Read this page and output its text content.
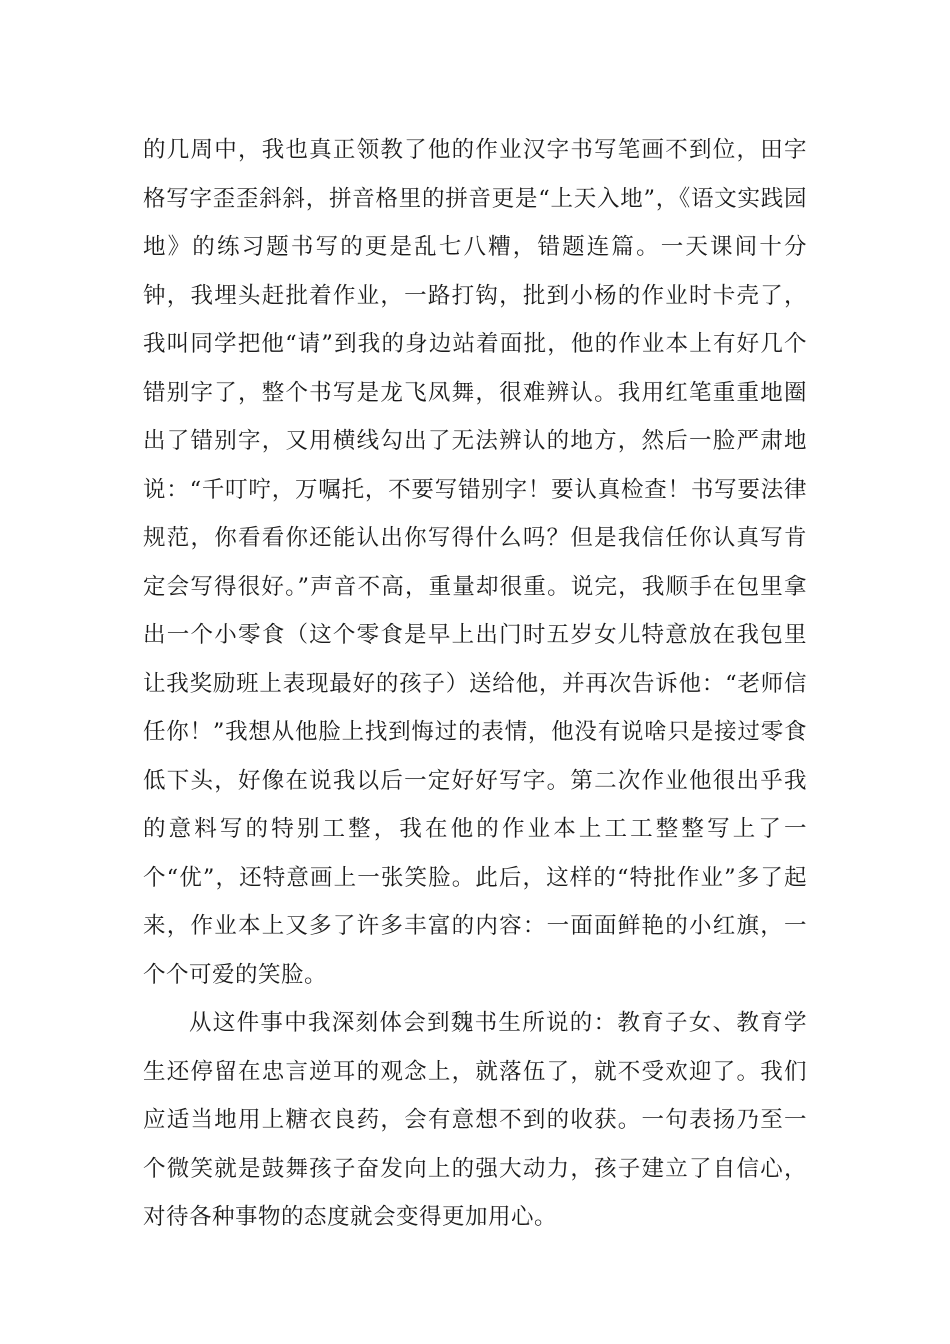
的几周中，我也真正领教了他的作业汉字书写笔画不到位，田字格写字歪歪斜斜，拼音格里的拼音更是“上天入地”，《语文实践园地》的练习题书写的更是乱七八糟，错题连篇。一天课间十分钟，我埋头赶批着作业，一路打钩，批到小杨的作业时卡壳了，我叫同学把他“请”到我的身边站着面批，他的作业本上有好几个错别字了，整个书写是龙飞凤舞，很难辨认。我用红笔重重地圈出了错别字，又用横线勾出了无法辨认的地方，然后一脸严肃地说：“千叮咛，万嘱托，不要写错别字！要认真检查！书写要法律规范，你看看你还能认出你写得什么吗？但是我信任你认真写肯定会写得很好。”声音不高，重量却很重。说完，我顺手在包里拿出一个小零食（这个零食是早上出门时五岁女儿特意放在我包里让我奖励班上表现最好的孩子）送给他，并再次告诉他：“老师信任你！”我想从他脸上找到悔过的表情，他没有说啥只是接过零食低下头，好像在说我以后一定好好写字。第二次作业他很出乎我的意料写的特别工整，我在他的作业本上工工整整写上了一个“优”，还特意画上一张笑脸。此后，这样的“特批作业”多了起来，作业本上又多了许多丰富的内容：一面面鲜艳的小红旗，一个个可爱的笑脸。

从这件事中我深刻体会到魏书生所说的：教育子女、教育学生还停留在忠言逆耳的观念上，就落伍了，就不受欢迎了。我们应适当地用上糖衣良药，会有意想不到的收获。一句表扬乃至一个微笑就是鼓舞孩子奋发向上的强大动力，孩子建立了自信心，对待各种事物的态度就会变得更加用心。
